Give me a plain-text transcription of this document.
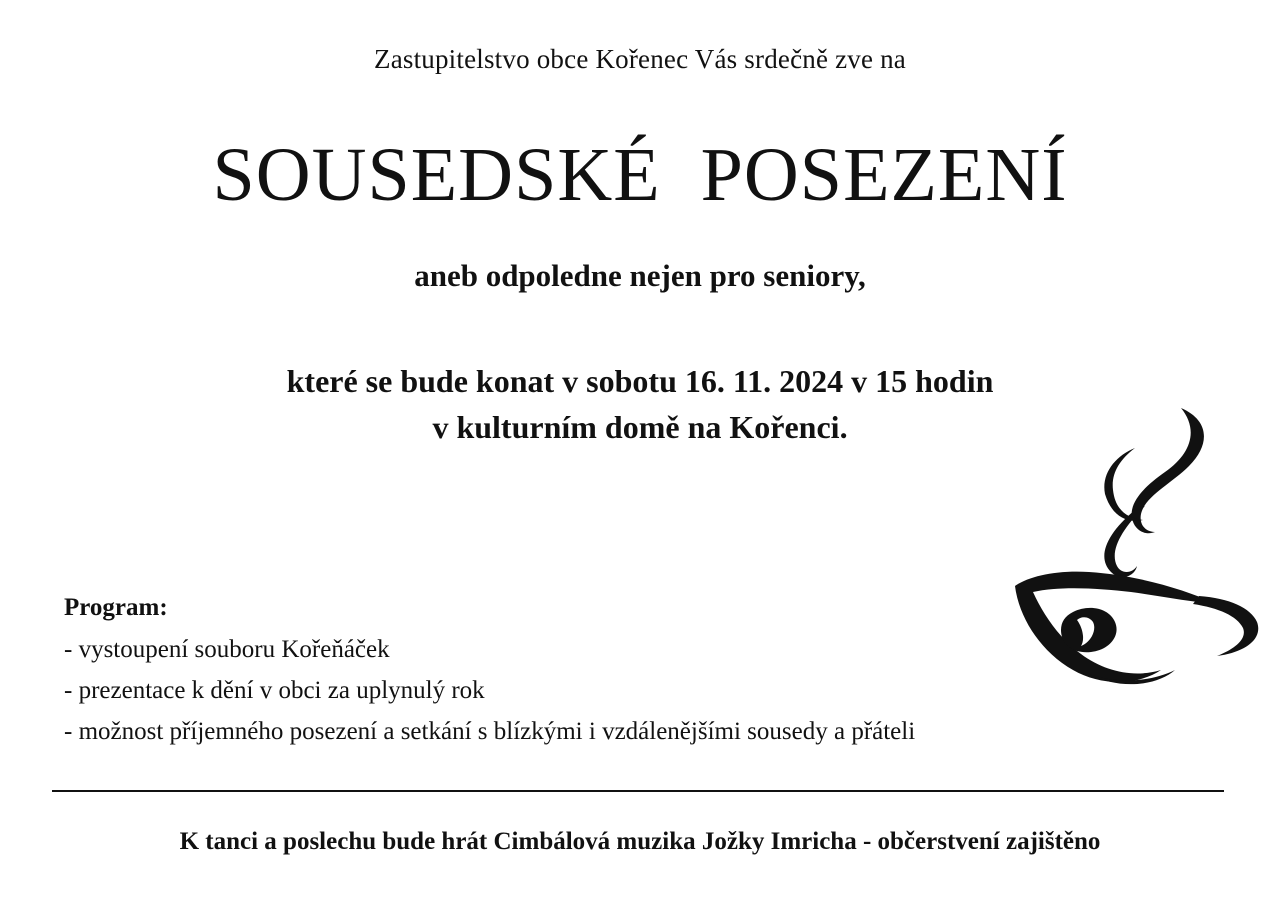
Zastupitelstvo obce Kořenec Vás srdečně zve na
SOUSEDSKÉ  POSEZENÍ
aneb odpoledne nejen pro seniory,
které se bude konat v sobotu 16. 11. 2024 v 15 hodin
v kulturním domě na Kořenci.
Program:
- vystoupení souboru Kořeňáček
- prezentace k dění v obci za uplynulý rok
- možnost příjemného posezení a setkání s blízkými i vzdálenějšími sousedy a přáteli
K tanci a poslechu bude hrát Cimbálová muzika Jožky Imricha - občerstvení zajištěno
